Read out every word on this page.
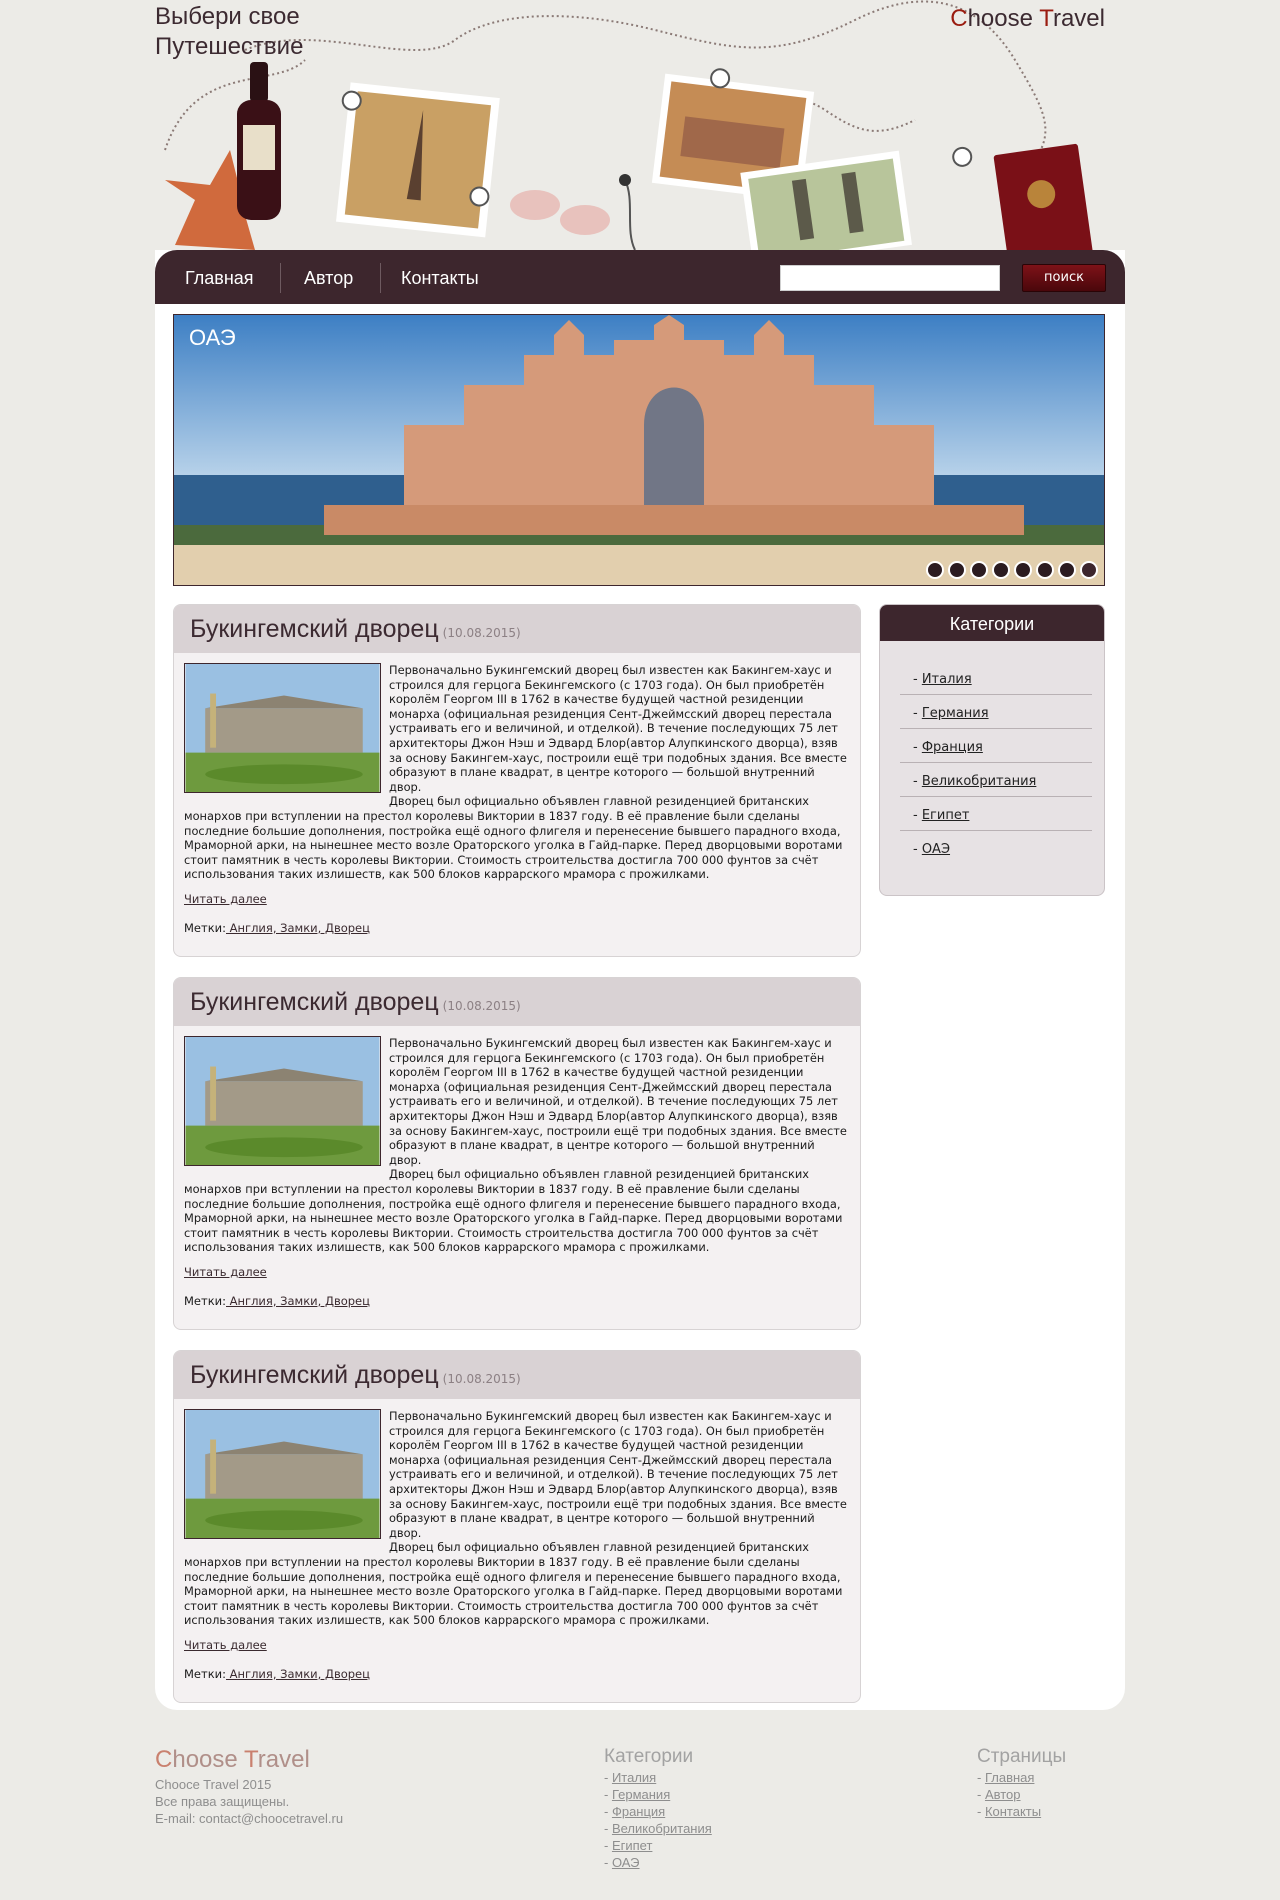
Выбери свое
Путешествие
Choose Travel
Главная	Автор	Контакты	поиск
ОАЭ
Букингемский дворец (10.08.2015)

Первоначально Букингемский дворец был известен как Бакингем-хаус и строился для герцога Бекингемского (с 1703 года). Он был приобретён королём Георгом III в 1762 в качестве будущей частной резиденции монарха (официальная резиденция Сент-Джеймсский дворец перестала устраивать его и величиной, и отделкой). В течение последующих 75 лет архитекторы Джон Нэш и Эдвард Блор(автор Алупкинского дворца), взяв за основу Бакингем-хаус, построили ещё три подобных здания. Все вместе образуют в плане квадрат, в центре которого — большой внутренний двор.

Дворец был официально объявлен главной резиденцией британских монархов при вступлении на престол королевы Виктории в 1837 году. В её правление были сделаны последние большие дополнения, постройка ещё одного флигеля и перенесение бывшего парадного входа, Мраморной арки, на нынешнее место возле Ораторского уголка в Гайд-парке. Перед дворцовыми воротами стоит памятник в честь королевы Виктории. Стоимость строительства достигла 700 000 фунтов за счёт использования таких излишеств, как 500 блоков каррарского мрамора с прожилками.

Читать далее
Метки: Англия, Замки, Дворец
Букингемский дворец (10.08.2015)

Первоначально Букингемский дворец был известен как Бакингем-хаус и строился для герцога Бекингемского (с 1703 года). Он был приобретён королём Георгом III в 1762 в качестве будущей частной резиденции монарха (официальная резиденция Сент-Джеймсский дворец перестала устраивать его и величиной, и отделкой). В течение последующих 75 лет архитекторы Джон Нэш и Эдвард Блор(автор Алупкинского дворца), взяв за основу Бакингем-хаус, построили ещё три подобных здания. Все вместе образуют в плане квадрат, в центре которого — большой внутренний двор.

Дворец был официально объявлен главной резиденцией британских монархов при вступлении на престол королевы Виктории в 1837 году. В её правление были сделаны последние большие дополнения, постройка ещё одного флигеля и перенесение бывшего парадного входа, Мраморной арки, на нынешнее место возле Ораторского уголка в Гайд-парке. Перед дворцовыми воротами стоит памятник в честь королевы Виктории. Стоимость строительства достигла 700 000 фунтов за счёт использования таких излишеств, как 500 блоков каррарского мрамора с прожилками.

Читать далее
Метки: Англия, Замки, Дворец
Букингемский дворец (10.08.2015)

Первоначально Букингемский дворец был известен как Бакингем-хаус и строился для герцога Бекингемского (с 1703 года). Он был приобретён королём Георгом III в 1762 в качестве будущей частной резиденции монарха (официальная резиденция Сент-Джеймсский дворец перестала устраивать его и величиной, и отделкой). В течение последующих 75 лет архитекторы Джон Нэш и Эдвард Блор(автор Алупкинского дворца), взяв за основу Бакингем-хаус, построили ещё три подобных здания. Все вместе образуют в плане квадрат, в центре которого — большой внутренний двор.

Дворец был официально объявлен главной резиденцией британских монархов при вступлении на престол королевы Виктории в 1837 году. В её правление были сделаны последние большие дополнения, постройка ещё одного флигеля и перенесение бывшего парадного входа, Мраморной арки, на нынешнее место возле Ораторского уголка в Гайд-парке. Перед дворцовыми воротами стоит памятник в честь королевы Виктории. Стоимость строительства достигла 700 000 фунтов за счёт использования таких излишеств, как 500 блоков каррарского мрамора с прожилками.

Читать далее
Метки: Англия, Замки, Дворец
Категории
- Италия
- Германия
- Франция
- Великобритания
- Египет
- ОАЭ
Choose Travel
Chooce Travel 2015
Все права защищены.
E-mail: contact@choocetravel.ru
Категории
- Италия
- Германия
- Франция
- Великобритания
- Египет
- ОАЭ
Страницы
- Главная
- Автор
- Контакты
